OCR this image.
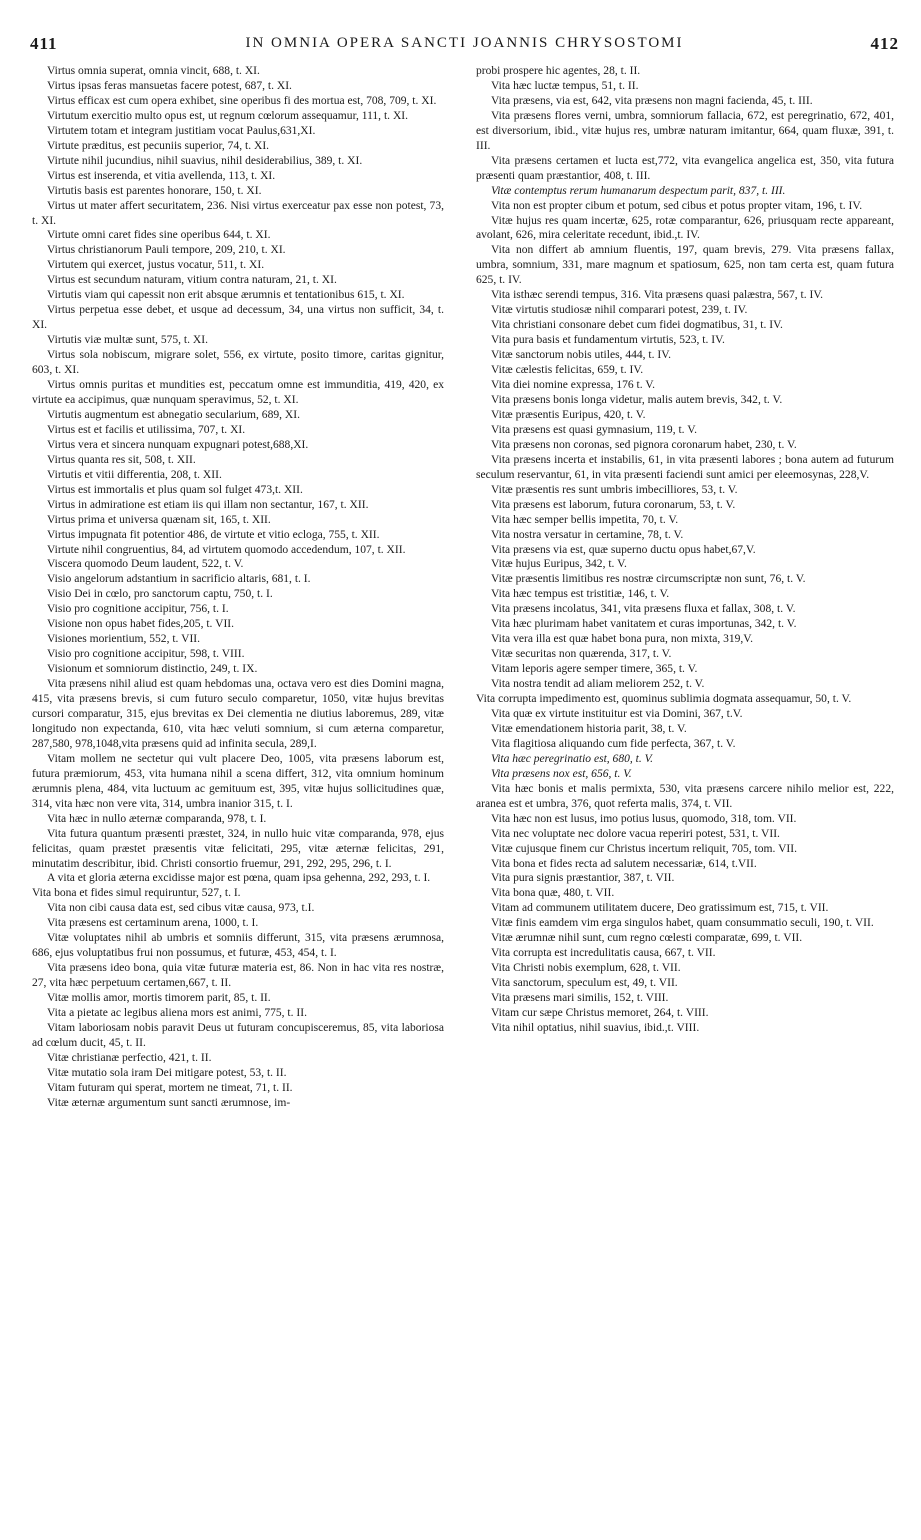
411	IN OMNIA OPERA SANCTI JOANNIS CHRYSOSTOMI	412

Virtus omnia superat, omnia vincit, 688, t. XI.

Virtus ipsas feras mansuetas facere potest, 687, t. XI.

Virtus efficax est cum opera exhibet, sine operibus fi des mortua est, 708, 709, t. XI.

Virtutum exercitio multo opus est, ut regnum cœlorum assequamur, 111, t. XI.

Virtutem totam et integram justitiam vocat Paulus,631,XI.

Virtute præditus, est pecuniis superior, 74, t. XI.

Virtute nihil jucundius, nihil suavius, nihil desiderabilius, 389, t. XI.

Virtus est inserenda, et vitia avellenda, 113, t. XI.

Virtutis basis est parentes honorare, 150, t. XI.

Virtus ut mater affert securitatem, 236. Nisi virtus exerceatur pax esse non potest, 73, t. XI.

Virtute omni caret fides sine operibus 644, t. XI.

Virtus christianorum Pauli tempore, 209, 210, t. XI.

Virtutem qui exercet, justus vocatur, 511, t. XI.

Virtus est secundum naturam, vitium contra naturam, 21, t. XI.

Virtutis viam qui capessit non erit absque ærumnis et tentationibus 615, t. XI.

Virtus perpetua esse debet, et usque ad decessum, 34, una virtus non sufficit, 34, t. XI.

Virtutis viæ multæ sunt, 575, t. XI.

Virtus sola nobiscum, migrare solet, 556, ex virtute, posito timore, caritas gignitur, 603, t. XI.

Virtus omnis puritas et mundities est, peccatum omne est immunditia, 419, 420, ex virtute ea accipimus, quæ nunquam speravimus, 52, t. XI.

Virtutis augmentum est abnegatio secularium, 689, XI.

Virtus est et facilis et utilissima, 707, t. XI.

Virtus vera et sincera nunquam expugnari potest,688,XI.

Virtus quanta res sit, 508, t. XII.

Virtutis et vitii differentia, 208, t. XII.

Virtus est immortalis et plus quam sol fulget 473,t. XII.

Virtus in admiratione est etiam iis qui illam non sectantur, 167, t. XII.

Virtus prima et universa quænam sit, 165, t. XII.

Virtus impugnata fit potentior 486, de virtute et vitio ecloga, 755, t. XII.

Virtute nihil congruentius, 84, ad virtutem quomodo accedendum, 107, t. XII.

Viscera quomodo Deum laudent, 522, t. V.

Visio angelorum adstantium in sacrificio altaris, 681, t. I.

Visio Dei in cœlo, pro sanctorum captu, 750, t. I.

Visio pro cognitione accipitur, 756, t. I.

Visione non opus habet fides,205, t. VII.

Visiones morientium, 552, t. VII.

Visio pro cognitione accipitur, 598, t. VIII.

Visionum et somniorum distinctio, 249, t. IX.

Vita præsens nihil aliud est quam hebdomas una, octava vero est dies Domini magna, 415, vita præsens brevis, si cum futuro seculo comparetur, 1050, vitæ hujus brevitas cursori comparatur, 315, ejus brevitas ex Dei clementia ne diutius laboremus, 289, vitæ longitudo non expectanda, 610, vita hæc veluti somnium, si cum æterna comparetur, 287,580, 978,1048,vita præsens quid ad infinita secula, 289,I.

Vitam mollem ne sectetur qui vult placere Deo, 1005, vita præsens laborum est, futura præmiorum, 453, vita humana nihil a scena differt, 312, vita omnium hominum ærumnis plena, 484, vita luctuum ac gemituum est, 395, vitæ hujus sollicitudines quæ, 314, vita hæc non vere vita, 314, umbra inanior 315, t. I.

Vita hæc in nullo æternæ comparanda, 978, t. I.

Vita futura quantum præsenti præstet, 324, in nullo huic vitæ comparanda, 978, ejus felicitas, quam præstet præsentis vitæ felicitati, 295, vitæ æternæ felicitas, 291, minutatim describitur, ibid. Christi consortio fruemur, 291, 292, 295, 296, t. I.

A vita et gloria æterna excidisse major est pœna, quam ipsa gehenna, 292, 293, t. I.

Vita bona et fides simul requiruntur, 527, t. I.

Vita non cibi causa data est, sed cibus vitæ causa, 973, t.I.

Vita præsens est certaminum arena, 1000, t. I.

Vitæ voluptates nihil ab umbris et somniis differunt, 315, vita præsens ærumnosa, 686, ejus voluptatibus frui non possumus, et futuræ, 453, 454, t. I.

Vita præsens ideo bona, quia vitæ futuræ materia est, 86. Non in hac vita res nostræ, 27, vita hæc perpetuum certamen,667, t. II.

Vitæ mollis amor, mortis timorem parit, 85, t. II.

Vita a pietate ac legibus aliena mors est animi, 775, t. II.

Vitam laboriosam nobis paravit Deus ut futuram concupisceremus, 85, vita laboriosa ad cœlum ducit, 45, t. II.

Vitæ christianæ perfectio, 421, t. II.

Vitæ mutatio sola iram Dei mitigare potest, 53, t. II.

Vitam futuram qui sperat, mortem ne timeat, 71, t. II.

Vitæ æternæ argumentum sunt sancti ærumnose, im-

probi prospere hic agentes, 28, t. II.

Vita hæc luctæ tempus, 51, t. II.

Vita præsens, via est, 642, vita præsens non magni facienda, 45, t. III.

Vita præsens flores verni, umbra, somniorum fallacia, 672, est peregrinatio, 672, 401, est diversorium, ibid., vitæ hujus res, umbræ naturam imitantur, 664, quam fluxæ, 391, t. III.

Vita præsens certamen et lucta est,772, vita evangelica angelica est, 350, vita futura præsenti quam præstantior, 408, t. III.

Vitæ contemptus rerum humanarum despectum parit, 837, t. III.

Vita non est propter cibum et potum, sed cibus et potus propter vitam, 196, t. IV.

Vitæ hujus res quam incertæ, 625, rotæ comparantur, 626, priusquam recte appareant, avolant, 626, mira celeritate recedunt, ibid.,t. IV.

Vita non differt ab amnium fluentis, 197, quam brevis, 279. Vita præsens fallax, umbra, somnium, 331, mare magnum et spatiosum, 625, non tam certa est, quam futura 625, t. IV.

Vita isthæc serendi tempus, 316. Vita præsens quasi palæstra, 567, t. IV.

Vitæ virtutis studiosæ nihil comparari potest, 239, t. IV.

Vita christiani consonare debet cum fidei dogmatibus, 31, t. IV.

Vita pura basis et fundamentum virtutis, 523, t. IV.

Vitæ sanctorum nobis utiles, 444, t. IV.

Vitæ cælestis felicitas, 659, t. IV.

Vita diei nomine expressa, 176 t. V.

Vita præsens bonis longa videtur, malis autem brevis, 342, t. V.

Vitæ præsentis Euripus, 420, t. V.

Vita præsens est quasi gymnasium, 119, t. V.

Vita præsens non coronas, sed pignora coronarum habet, 230, t. V.

Vita præsens incerta et instabilis, 61, in vita præsenti labores ; bona autem ad futurum seculum reservantur, 61, in vita præsenti faciendi sunt amici per eleemosynas, 228,V.

Vitæ præsentis res sunt umbris imbecilliores, 53, t. V.

Vita præsens est laborum, futura coronarum, 53, t. V.

Vita hæc semper bellis impetita, 70, t. V.

Vita nostra versatur in certamine, 78, t. V.

Vita præsens via est, quæ superno ductu opus habet,67,V.

Vitæ hujus Euripus, 342, t. V.

Vitæ præsentis limitibus res nostræ circumscriptæ non sunt, 76, t. V.

Vita hæc tempus est tristitiæ, 146, t. V.

Vita præsens incolatus, 341, vita præsens fluxa et fallax, 308, t. V.

Vita hæc plurimam habet vanitatem et curas importunas, 342, t. V.

Vita vera illa est quæ habet bona pura, non mixta, 319,V.

Vitæ securitas non quærenda, 317, t. V.

Vitam leporis agere semper timere, 365, t. V.

Vita nostra tendit ad aliam meliorem 252, t. V.

Vita corrupta impedimento est, quominus sublimia dogmata assequamur, 50, t. V.

Vita quæ ex virtute instituitur est via Domini, 367, t.V.

Vitæ emendationem historia parit, 38, t. V.

Vita flagitiosa aliquando cum fide perfecta, 367, t. V.

Vita hæc peregrinatio est, 680, t. V.

Vita præsens nox est, 656, t. V.

Vita hæc bonis et malis permixta, 530, vita præsens carcere nihilo melior est, 222, aranea est et umbra, 376, quot referta malis, 374, t. VII.

Vita hæc non est lusus, imo potius lusus, quomodo, 318, tom. VII.

Vita nec voluptate nec dolore vacua reperiri potest, 531, t. VII.

Vitæ cujusque finem cur Christus incertum reliquit, 705, tom. VII.

Vita bona et fides recta ad salutem necessariæ, 614, t.VII.

Vita pura signis præstantior, 387, t. VII.

Vita bona quæ, 480, t. VII.

Vitam ad communem utilitatem ducere, Deo gratissimum est, 715, t. VII.

Vitæ finis eamdem vim erga singulos habet, quam consummatio seculi, 190, t. VII.

Vitæ ærumnæ nihil sunt, cum regno cœlesti comparatæ, 699, t. VII.

Vita corrupta est incredulitatis causa, 667, t. VII.

Vita Christi nobis exemplum, 628, t. VII.

Vita sanctorum, speculum est, 49, t. VII.

Vita præsens mari similis, 152, t. VIII.

Vitam cur sæpe Christus memoret, 264, t. VIII.

Vita nihil optatius, nihil suavius, ibid.,t. VIII.
